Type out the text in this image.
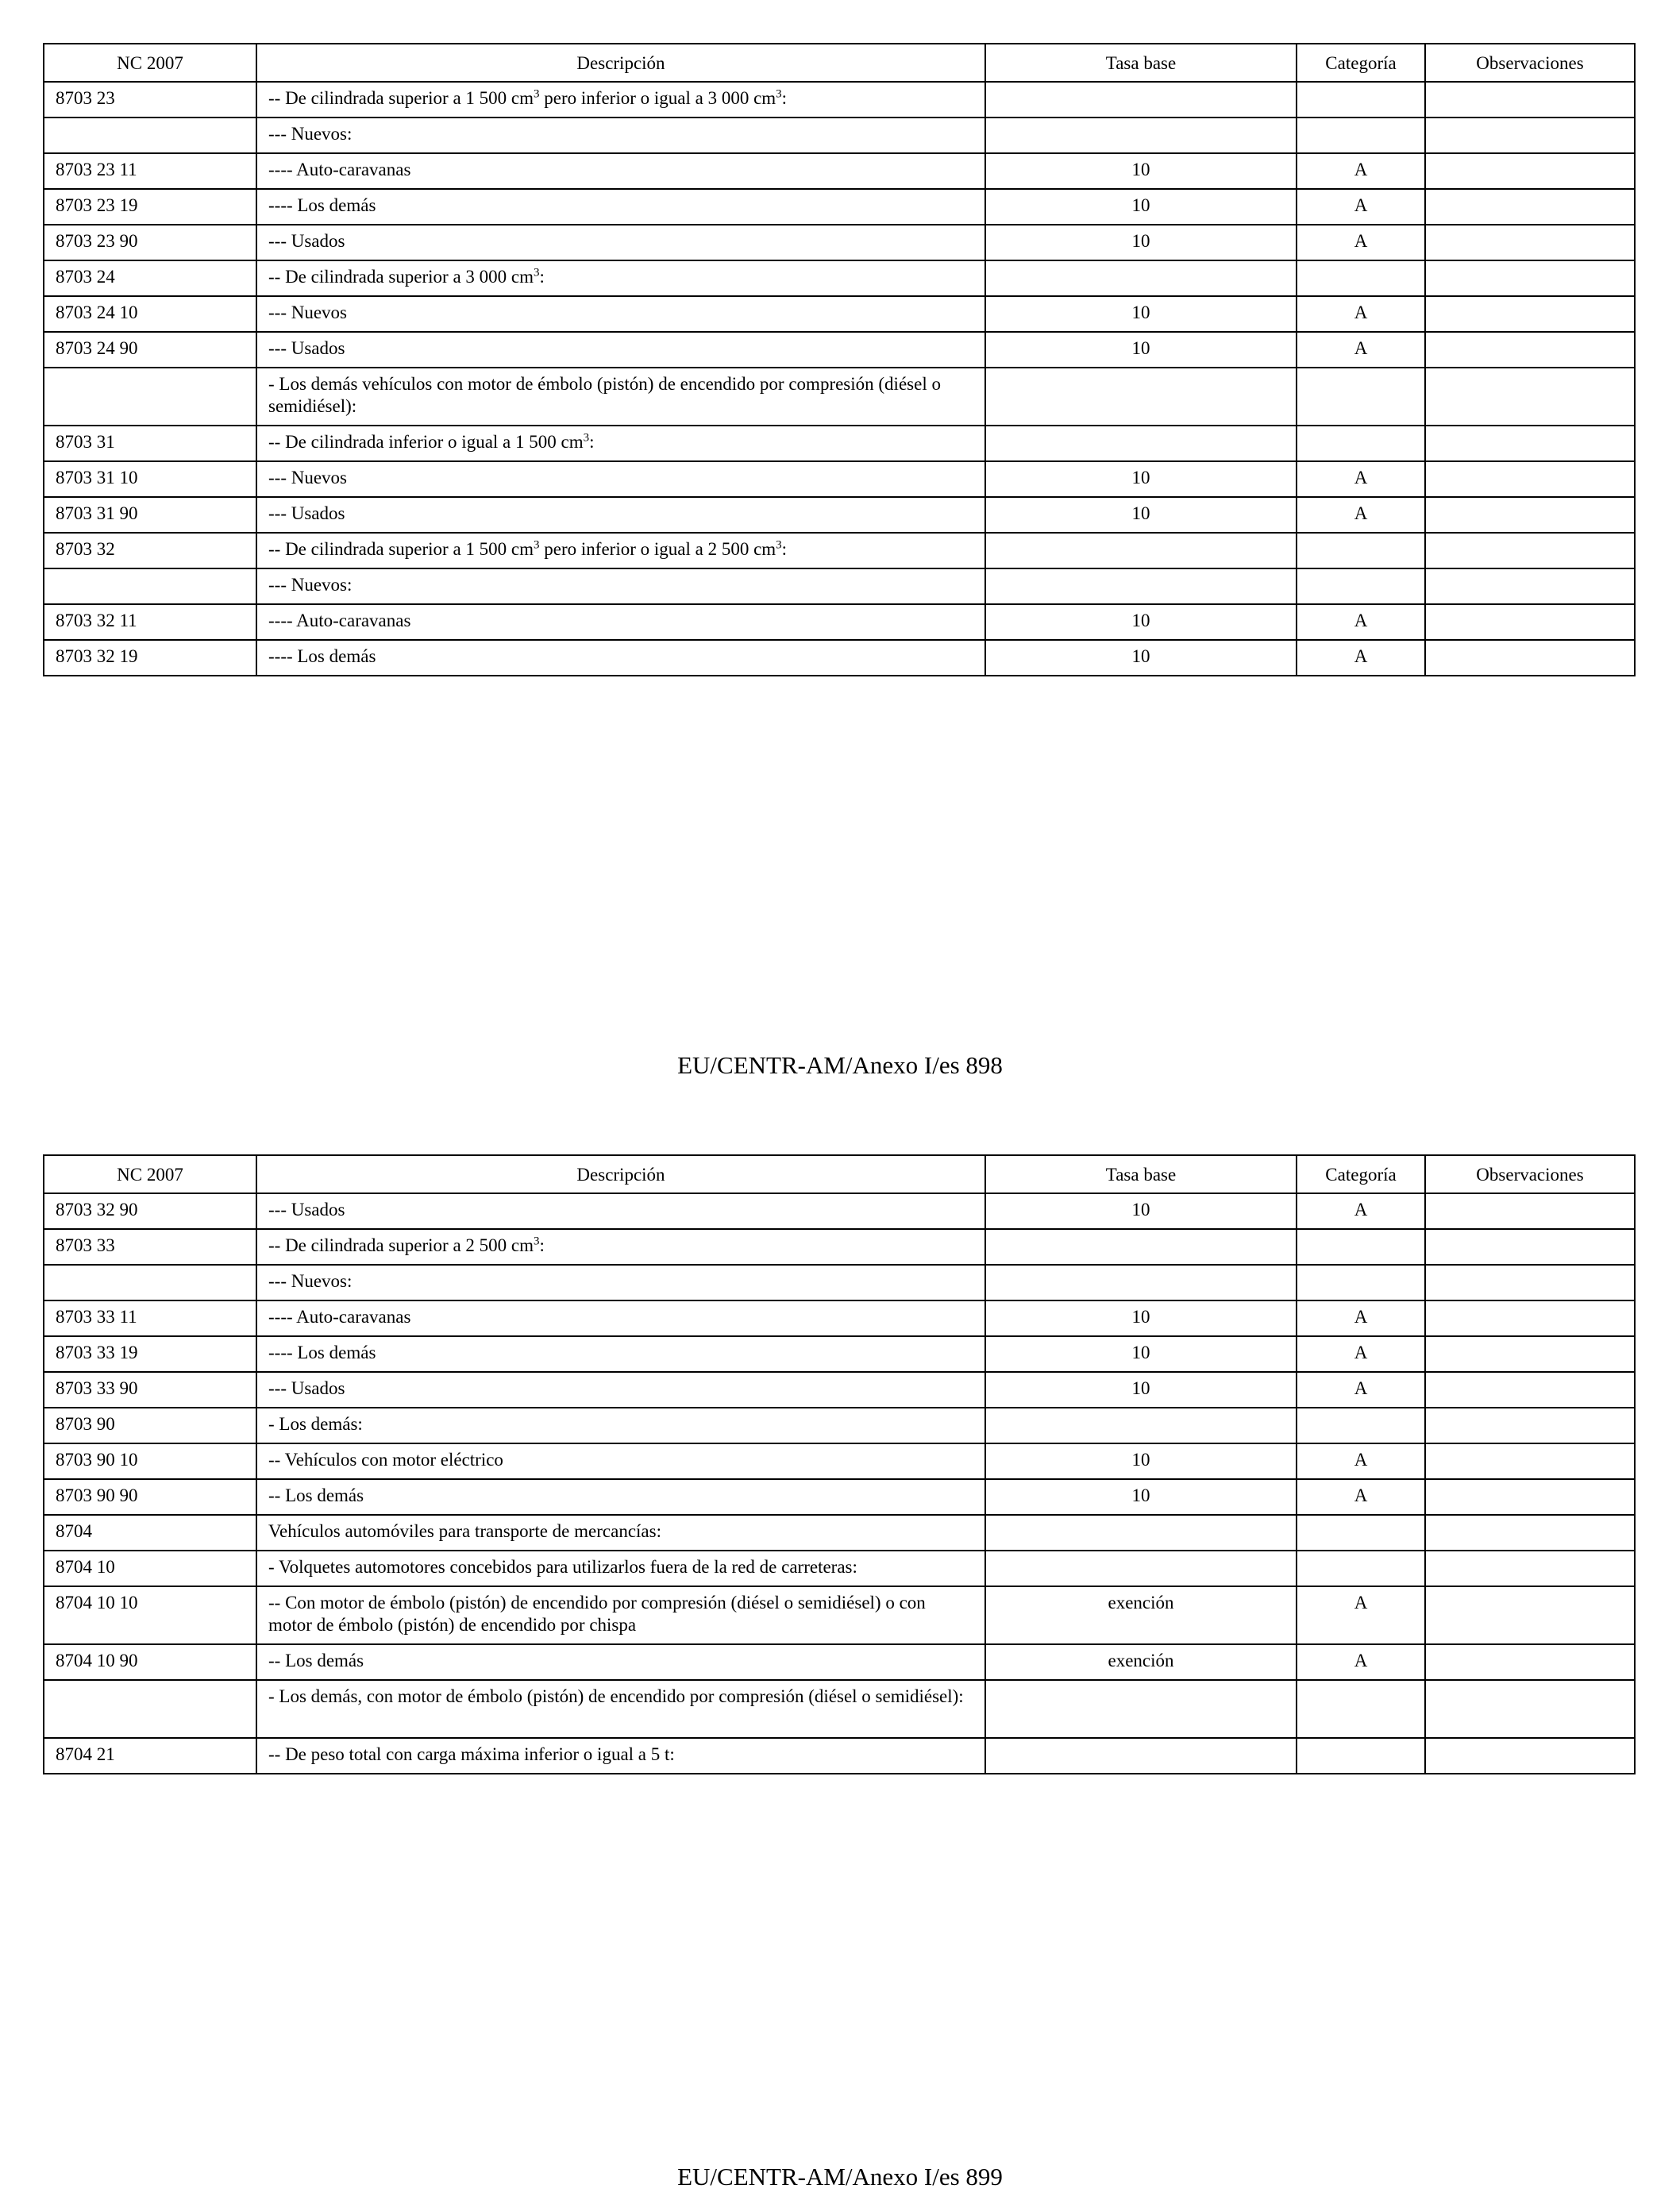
NC 2007	Descripción	Tasa base	Categoría	Observaciones
8703 23	-- De cilindrada superior a 1 500 $cm^3$ pero inferior o igual a 3 000 $cm^3$:			
	--- Nuevos:			
8703 23 11	---- Auto-caravanas	10	A	
8703 23 19	---- Los demás	10	A	
8703 23 90	--- Usados	10	A	
8703 24	-- De cilindrada superior a 3 000 $cm^3$:			
8703 24 10	--- Nuevos	10	A	
8703 24 90	--- Usados	10	A	
	- Los demás vehículos con motor de émbolo (pistón) de encendido por compresión (diésel o semidiésel):			
8703 31	-- De cilindrada inferior o igual a 1 500 $cm^3$:			
8703 31 10	--- Nuevos	10	A	
8703 31 90	--- Usados	10	A	
8703 32	-- De cilindrada superior a 1 500 $cm^3$ pero inferior o igual a 2 500 $cm^3$:			
	--- Nuevos:			
8703 32 11	---- Auto-caravanas	10	A	
8703 32 19	---- Los demás	10	A	
EU/CENTR-AM/Anexo I/es 898
NC 2007	Descripción	Tasa base	Categoría	Observaciones
8703 32 90	--- Usados	10	A	
8703 33	-- De cilindrada superior a 2 500 $cm^3$:			
	--- Nuevos:			
8703 33 11	---- Auto-caravanas	10	A	
8703 33 19	---- Los demás	10	A	
8703 33 90	--- Usados	10	A	
8703 90	- Los demás:			
8703 90 10	-- Vehículos con motor eléctrico	10	A	
8703 90 90	-- Los demás	10	A	
8704	Vehículos automóviles para transporte de mercancías:			
8704 10	- Volquetes automotores concebidos para utilizarlos fuera de la red de carreteras:			
8704 10 10	-- Con motor de émbolo (pistón) de encendido por compresión (diésel o semidiésel) o con motor de émbolo (pistón) de encendido por chispa	exención	A	
8704 10 90	-- Los demás	exención	A	
	- Los demás, con motor de émbolo (pistón) de encendido por compresión (diésel o semidiésel):			
8704 21	-- De peso total con carga máxima inferior o igual a 5 t:			
EU/CENTR-AM/Anexo I/es 899
